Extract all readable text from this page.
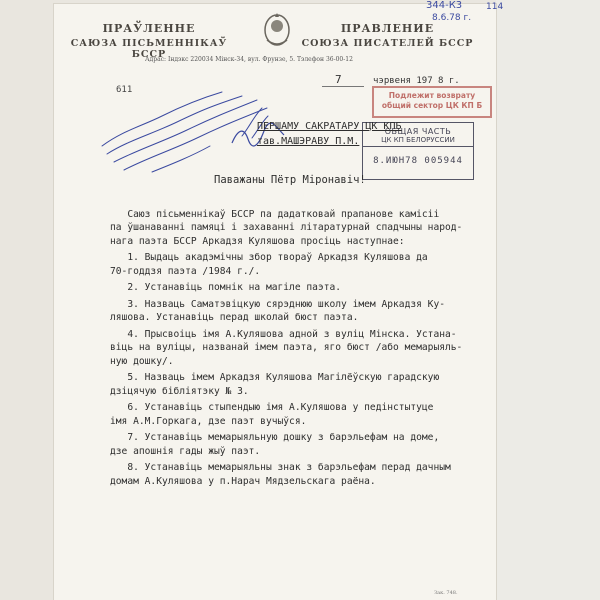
344-К3
8.6.78 г.
114
ПРАЎЛЕННЕ
САЮЗА ПІСЬМЕННІКАЎ БССР
ПРАВЛЕНИЕ
СОЮЗА ПИСАТЕЛЕЙ БССР
Адрас: Індэкс 220034 Мінск-34, вул. Фрунзе, 5. Тэлефон 36-00-12
611
7	чэрвеня 197 8 г.
Подлежит возврату
общий сектор ЦК КП Б
ОБЩАЯ ЧАСТЬ
ЦК КП БЕЛОРУССИИ
8.ИЮН78 005944
ПЕРШАМУ САКРАТАРУ ЦК КПБ
тав.МАШЭРАВУ П.М.
Паважаны Пётр Міронавіч!
Саюз пісьменнікаў БССР па дадатковай прапанове камісіі
па ўшанаванні памяці і захаванні літаратурнай спадчыны народ-
нага паэта БССР Аркадзя Куляшова просіць наступнае:
1. Выдаць акадэмічны збор твораў Аркадзя Куляшова да
70-годдзя паэта /1984 г./.
2. Устанавіць помнік на магіле паэта.
3. Назваць Саматэвіцкую сярэднюю школу імем Аркадзя Ку-
ляшова. Устанавіць перад школай бюст паэта.
4. Прысвоіць імя А.Куляшова адной з вуліц Мінска. Устана-
віць на вуліцы, названай імем паэта, яго бюст /або мемарыяль-
ную дошку/.
5. Назваць імем Аркадзя Куляшова Магілёўскую гарадскую
дзіцячую бібліятэку № 3.
6. Устанавіць стыпендыю імя А.Куляшова у педінстытуце
імя А.М.Горкага, дзе паэт вучыўся.
7. Устанавіць мемарыяльную дошку з барэльефам на доме,
дзе апошнія гады жыў паэт.
8. Устанавіць мемарыяльны знак з барэльефам перад дачным
домам А.Куляшова у п.Нарач Мядзельскага раёна.
Зак. 748.
